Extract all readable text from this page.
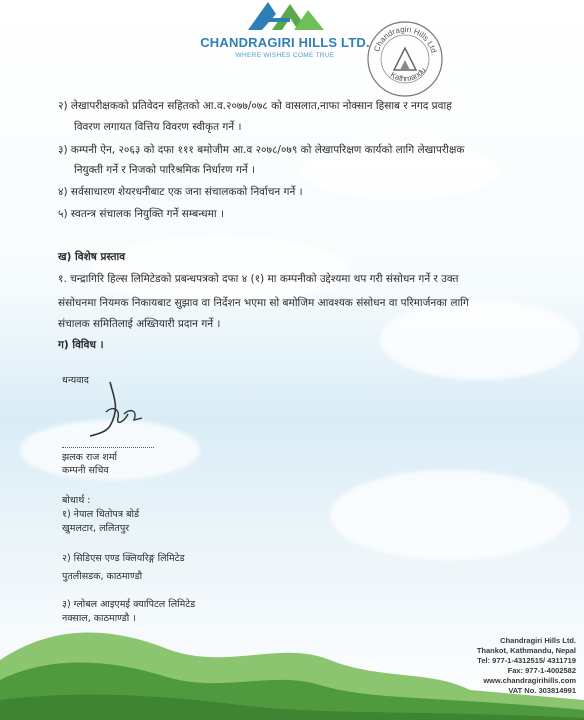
CHANDRAGIRI HILLS LTD.
WHERE WISHES COME TRUE
Chandragiri Hills Ltd.
Kathmandu
२) लेखापरीक्षकको प्रतिवेदन सहितको आ.व.२०७७/०७८ को वासलात,नाफा नोक्सान हिसाब र नगद प्रवाह
विवरण लगायत वित्तिय विवरण स्वीकृत गर्ने ।
३) कम्पनी ऐन, २०६३ को दफा १११ बमोजीम आ.व २०७८/०७९ को लेखापरिक्षण कार्यको लागि लेखापरीक्षक
नियुक्ती गर्ने र निजको पारिश्रमिक निर्धारण गर्ने ।
४) सर्वसाधारण शेयरधनीबाट एक जना संचालकको निर्वाचन गर्ने ।
५) स्वतन्त्र संचालक नियुक्ति गर्ने सम्बन्धमा ।
ख) विशेष प्रस्ताव
१. चन्द्रागिरि हिल्स लिमिटेडको प्रबन्धपत्रको दफा ४ (१) मा कम्पनीको उद्देश्यमा थप गरी संसोधन गर्ने र उक्त
संसोधनमा नियमक निकायबाट सुझाव वा निर्देशन भएमा सो बमोजिम आवश्यक संसोधन वा परिमार्जनका लागि
संचालक समितिलाई अख्तियारी प्रदान गर्ने ।
ग) विविध ।
धन्यवाद
झलक राज शर्मा
कम्पनी सचिव
बोधार्थ :
१) नेपाल धितोपत्र बोर्ड
खुमलटार, ललितपुर
२) सिडिएस एण्ड क्लियरिङ्ग लिमिटेड
पुतलीसडक, काठमाण्डौ
३) ग्लोबल आइएमई क्यापिटल लिमिटेड
नक्साल, काठमाण्डौ ।
Chandragiri Hills Ltd.
Thankot, Kathmandu, Nepal
Tel: 977-1-4312515/ 4311719
Fax: 977-1-4002582
www.chandragirihills.com
VAT No. 303814991
